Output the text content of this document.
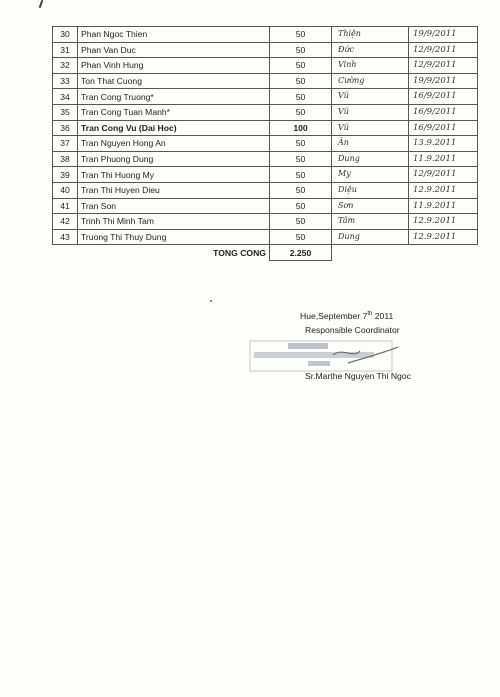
30	Phan Ngoc Thien	50	Thiện	19/9/2011

31	Phan Van Duc	50	Đức	12/9/2011

32	Phan Vinh Hung	50	Vinh	12/9/2011

33	Ton That Cuong	50	Cường	19/9/2011

34	Tran Cong Truong*	50	Vũ	16/9/2011

35	Tran Cong Tuan Manh*	50	Vũ	16/9/2011

36	Tran Cong Vu (Dai Hoc)	100	Vũ	16/9/2011

37	Tran Nguyen Hong An	50	Ân	13.9.2011

38	Tran Phuong Dung	50	Dung	11.9.2011

39	Tran Thi Huong My	50	My	12/9/2011

40	Tran Thi Huyen Dieu	50	Diệu	12.9.2011

41	Tran Son	50	Sơn	11.9.2011

42	Trinh Thi Minh Tam	50	Tâm	12.9.2011

43	Truong Thi Thuy Dung	50	Dung	12.9.2011

	TONG CONG	2.250		
Hue,September 7th 2011
Responsible Coordinator
Sr.Marthe Nguyen Thi Ngoc
